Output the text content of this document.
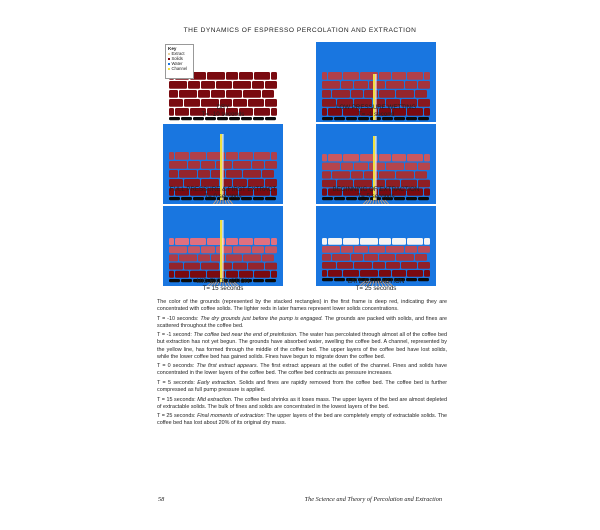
THE DYNAMICS OF ESPRESSO PERCOLATION AND EXTRACTION
Key
Extract
Solids
Water
Channel
DRY
T= -10 seconds
LOW PRESSURE WETTING
T= -1 second
FULL PRESSURE & FIRST EXTRACT
T= 0 seconds
BEGINNING OF EXTRACTION
T= 5 seconds
MID EXTRACTION
T= 15 seconds
LATE EXTRACTION
T= 25 seconds

The color of the grounds (represented by the stacked rectangles) in the first frame is deep red, indicating they are concentrated with coffee solids. The lighter reds in later frames represent lower solids concentrations.

T = -10 seconds: The dry grounds just before the pump is engaged. The grounds are packed with solids, and fines are scattered throughout the coffee bed.

T = -1 second: The coffee bed near the end of preinfusion. The water has percolated through almost all of the coffee bed but extraction has not yet begun. The grounds have absorbed water, swelling the coffee bed. A channel, represented by the yellow line, has formed through the middle of the coffee bed. The upper layers of the coffee bed have lost solids, while the lower coffee bed has gained solids. Fines have begun to migrate down the coffee bed.

T = 0 seconds: The first extract appears. The first extract appears at the outlet of the channel. Fines and solids have concentrated in the lower layers of the coffee bed. The coffee bed contracts as pressure increases.

T = 5 seconds: Early extraction. Solids and fines are rapidly removed from the coffee bed. The coffee bed is further compressed as full pump pressure is applied.

T = 15 seconds: Mid extraction. The coffee bed shrinks as it loses mass. The upper layers of the bed are almost depleted of extractable solids. The bulk of fines and solids are concentrated in the lowest layers of the bed.

T = 25 seconds: Final moments of extraction: The upper layers of the bed are completely empty of extractable solids. The coffee bed has lost about 20% of its original dry mass.

58	The Science and Theory of Percolation and Extraction
